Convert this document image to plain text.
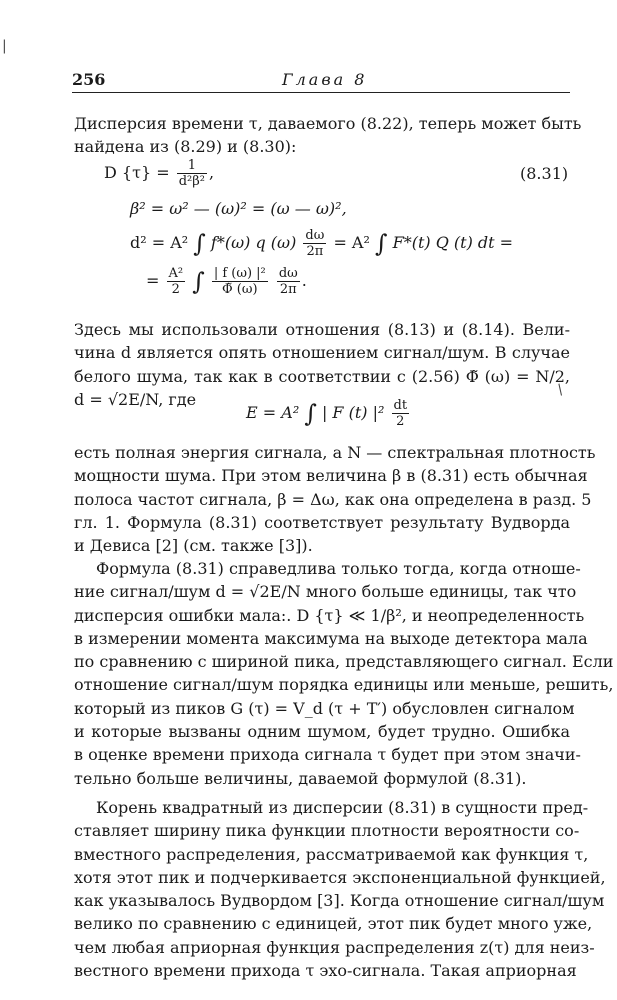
|
256	Глава 8
Дисперсия времени τ, даваемого (8.22), теперь может быть
найдена из (8.29) и (8.30):
D $\{\tau\} = \frac{1}{\text{d²β²}}$ ,	(8.31)
β² = ω² — (ω)² = (ω — ω)²,
d² = A² ∫ f*(ω) q $(\omega) \frac{d\omega}{2\pi} = A^2$ ∫ F*(t) Q (t) dt =
= $\frac{\text{A²}}{2}$ ∫ $\frac{\text{| f (ω) |²}}{\Phĩ (\omega)}$
$\frac{d\omega}{2\pi}$ .
Здесь мы использовали отношения (8.13) и (8.14). Вели-
чина d является опять отношением сигнал/шум. В случае
белого шума, так как в соответствии с (2.56) Φ̃ (ω) = N/2,
d = √2E/N, где	/
E = A² ∫ | F (t) $|^2 \frac{dt}{2}$
есть полная энергия сигнала, а N — спектральная плотность
мощности шума. При этом величина β в (8.31) есть обычная
полоса частот сигнала, β = Δω, как она определена в разд. 5
гл. 1. Формула (8.31) соответствует результату Вудворда
и Девиса [2] (см. также [3]).
Формула (8.31) справедлива только тогда, когда отноше-
ние сигнал/шум d = √2E/N много больше единицы, так что
дисперсия ошибки мала:. D {τ} ≪ 1/β², и неопределенность
в измерении момента максимума на выходе детектора мала
по сравнению с шириной пика, представляющего сигнал. Если
отношение сигнал/шум порядка единицы или меньше, решить,
который из пиков G (τ) = V_d (τ + T′) обусловлен сигналом
и которые вызваны одним шумом, будет трудно. Ошибка
в оценке времени прихода сигнала τ будет при этом значи-
тельно больше величины, даваемой формулой (8.31).
Корень квадратный из дисперсии (8.31) в сущности пред-
ставляет ширину пика функции плотности вероятности со-
вместного распределения, рассматриваемой как функция τ,
хотя этот пик и подчеркивается экспоненциальной функцией,
как указывалось Вудвордом [3]. Когда отношение сигнал/шум
велико по сравнению с единицей, этот пик будет много уже,
чем любая априорная функция распределения z(τ) для неиз-
вестного времени прихода τ эхо-сигнала. Такая априорная
